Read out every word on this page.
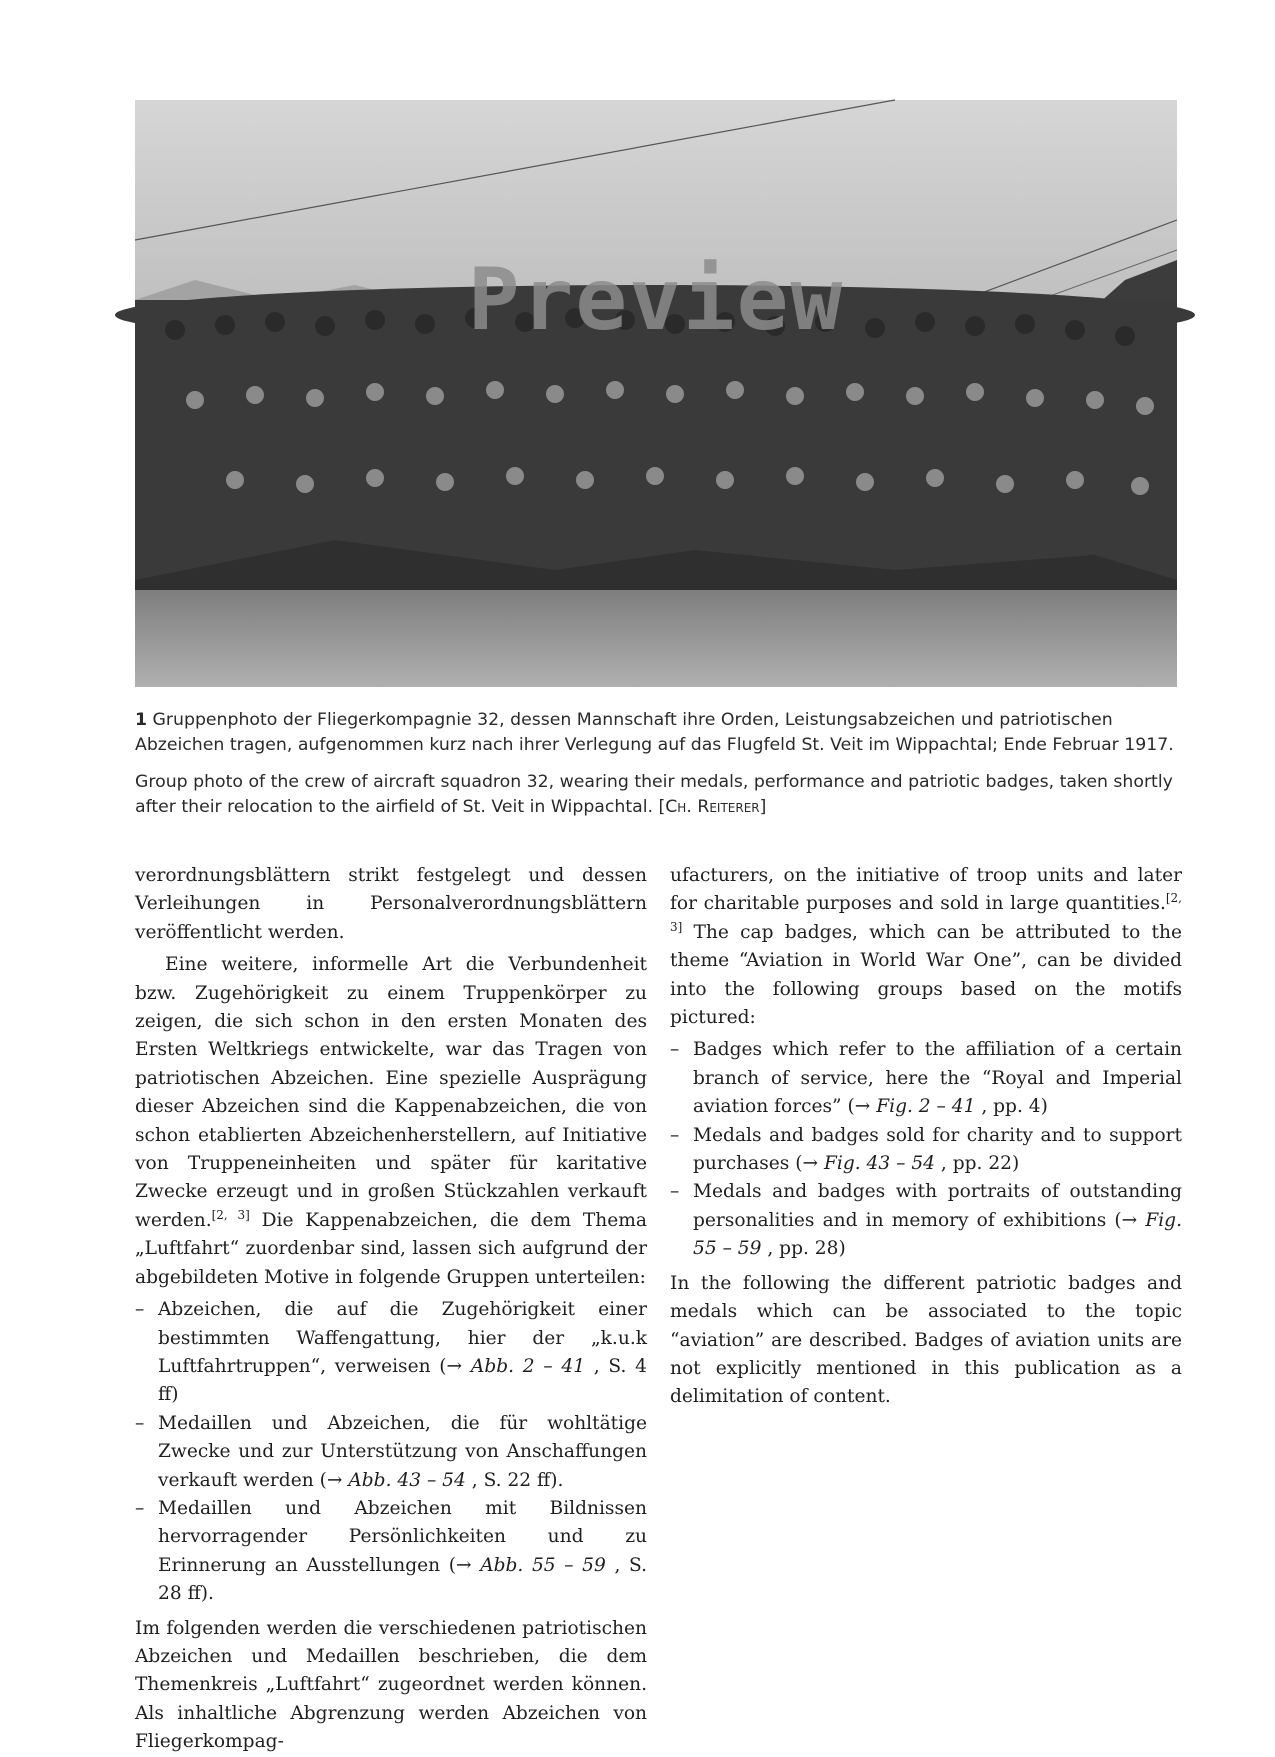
Preview
1 Gruppenphoto der Fliegerkompagnie 32, dessen Mannschaft ihre Orden, Leistungsabzeichen und patriotischen Abzeichen tragen, aufgenommen kurz nach ihrer Verlegung auf das Flugfeld St. Veit im Wippachtal; Ende Februar 1917.
Group photo of the crew of aircraft squadron 32, wearing their medals, performance and patriotic badges, taken shortly after their relocation to the airfield of St. Veit in Wippachtal. [Ch. Reiterer]

verordnungsblättern strikt festgelegt und dessen Verleihungen in Personalverordnungsblättern veröffentlicht werden.

Eine weitere, informelle Art die Verbundenheit bzw. Zugehörigkeit zu einem Truppenkörper zu zeigen, die sich schon in den ersten Monaten des Ersten Weltkriegs entwickelte, war das Tragen von patriotischen Abzeichen. Eine spezielle Ausprägung dieser Abzeichen sind die Kappenabzeichen, die von schon etablierten Abzeichenherstellern, auf Initiative von Truppeneinheiten und später für karitative Zwecke erzeugt und in großen Stückzahlen verkauft werden.[2, 3] Die Kappenabzeichen, die dem Thema „Luftfahrt“ zuordenbar sind, lassen sich aufgrund der abgebildeten Motive in folgende Gruppen unterteilen:

– Abzeichen, die auf die Zugehörigkeit einer bestimmten Waffengattung, hier der „k.u.k Luftfahrtruppen“, verweisen (→ Abb. 2 – 41 , S. 4 ff)
– Medaillen und Abzeichen, die für wohltätige Zwecke und zur Unterstützung von Anschaffungen verkauft werden (→ Abb. 43 – 54 , S. 22 ff).
– Medaillen und Abzeichen mit Bildnissen hervorragender Persönlichkeiten und zu Erinnerung an Ausstellungen (→ Abb. 55 – 59 , S. 28 ff).

Im folgenden werden die verschiedenen patriotischen Abzeichen und Medaillen beschrieben, die dem Themenkreis „Luftfahrt“ zugeordnet werden können. Als inhaltliche Abgrenzung werden Abzeichen von Fliegerkompag-

ufacturers, on the initiative of troop units and later for charitable purposes and sold in large quantities.[2, 3] The cap badges, which can be attributed to the theme “Aviation in World War One”, can be divided into the following groups based on the motifs pictured:

– Badges which refer to the affiliation of a certain branch of service, here the “Royal and Imperial aviation forces” (→ Fig. 2 – 41 , pp. 4)
– Medals and badges sold for charity and to support purchases (→ Fig. 43 – 54 , pp. 22)
– Medals and badges with portraits of outstanding personalities and in memory of exhibitions (→ Fig. 55 – 59 , pp. 28)

In the following the different patriotic badges and medals which can be associated to the topic “aviation” are described. Badges of aviation units are not explicitly mentioned in this publication as a delimitation of content.
